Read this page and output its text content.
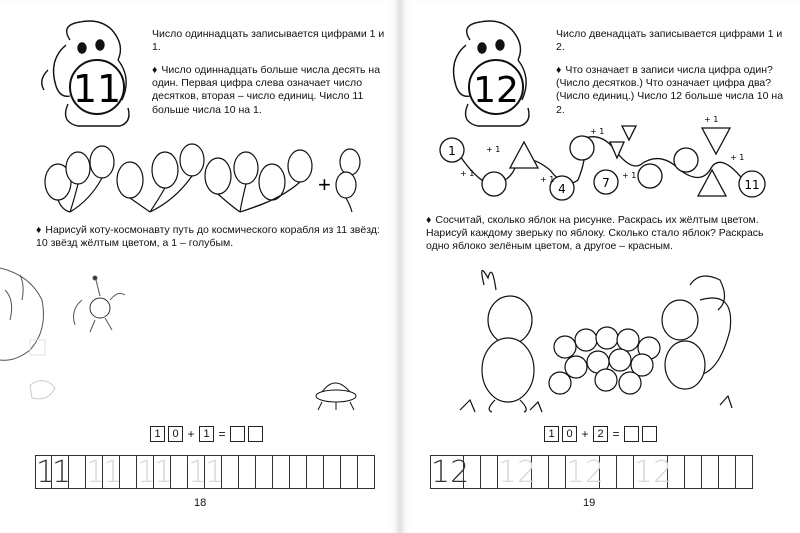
11
+

Число одиннадцать записывается цифрами 1 и 1.

♦ Число одиннадцать больше числа десять на один. Первая цифра слева означает число десятков, вторая – число единиц. Число 11 больше числа 10 на 1.

♦ Нарисуй коту-космонавту путь до космического корабля из 11 звёзд: 10 звёзд жёлтым цветом, а 1 – голубым.

1	0 + 1 =
1
1 1
1 1
1 1
1
18
12
1
4	7	11
+ 1
+ 1
+ 1
+ 1
+ 1
+ 1
+ 1

Число двенадцать записывается цифрами 1 и 2.

♦ Что означает в записи числа цифра один? (Число десятков.) Что означает цифра два? (Число единиц.) Число 12 больше числа 10 на 2.

♦ Сосчитай, сколько яблок на рисунке. Раскрась их жёлтым цветом. Нарисуй каждому зверьку по яблоку. Сколько стало яблок? Раскрась одно яблоко зелёным цветом, а другое – красным.

1	0 + 2 =
12 12 12 12
19
